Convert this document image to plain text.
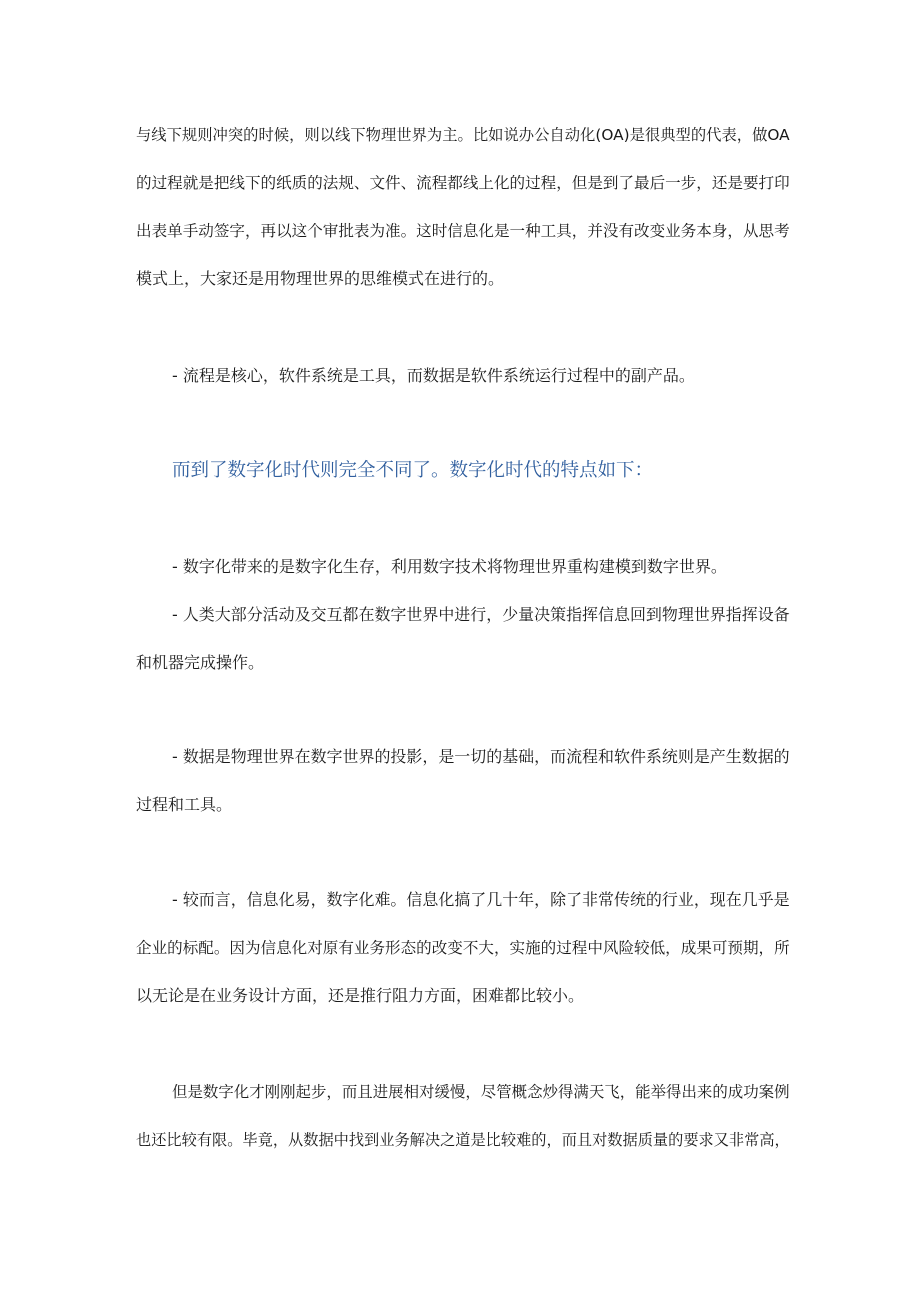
与线下规则冲突的时候，则以线下物理世界为主。比如说办公自动化(OA)是很典型的代表，做OA
的过程就是把线下的纸质的法规、文件、流程都线上化的过程，但是到了最后一步，还是要打印
出表单手动签字，再以这个审批表为准。这时信息化是一种工具，并没有改变业务本身，从思考
模式上，大家还是用物理世界的思维模式在进行的。
- 流程是核心，软件系统是工具，而数据是软件系统运行过程中的副产品。
而到了数字化时代则完全不同了。数字化时代的特点如下：
- 数字化带来的是数字化生存，利用数字技术将物理世界重构建模到数字世界。
- 人类大部分活动及交互都在数字世界中进行，少量决策指挥信息回到物理世界指挥设备
和机器完成操作。
- 数据是物理世界在数字世界的投影，是一切的基础，而流程和软件系统则是产生数据的
过程和工具。
- 较而言，信息化易，数字化难。信息化搞了几十年，除了非常传统的行业，现在几乎是
企业的标配。因为信息化对原有业务形态的改变不大，实施的过程中风险较低，成果可预期，所
以无论是在业务设计方面，还是推行阻力方面，困难都比较小。
但是数字化才刚刚起步，而且进展相对缓慢，尽管概念炒得满天飞，能举得出来的成功案例
也还比较有限。毕竟，从数据中找到业务解决之道是比较难的，而且对数据质量的要求又非常高，
